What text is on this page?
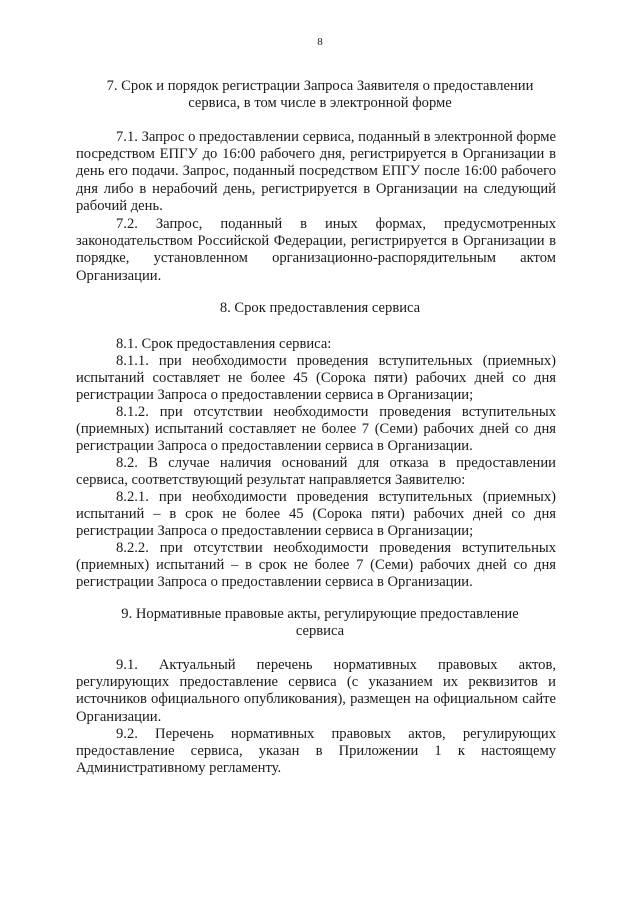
8
7. Срок и порядок регистрации Запроса Заявителя о предоставлении сервиса, в том числе в электронной форме
7.1. Запрос о предоставлении сервиса, поданный в электронной форме посредством ЕПГУ до 16:00 рабочего дня, регистрируется в Организации в день его подачи. Запрос, поданный посредством ЕПГУ после 16:00 рабочего дня либо в нерабочий день, регистрируется в Организации на следующий рабочий день.
7.2. Запрос, поданный в иных формах, предусмотренных законодательством Российской Федерации, регистрируется в Организации в порядке, установленном организационно-распорядительным актом Организации.
8. Срок предоставления сервиса
8.1. Срок предоставления сервиса:
8.1.1. при необходимости проведения вступительных (приемных) испытаний составляет не более 45 (Сорока пяти) рабочих дней со дня регистрации Запроса о предоставлении сервиса в Организации;
8.1.2. при отсутствии необходимости проведения вступительных (приемных) испытаний составляет не более 7 (Семи) рабочих дней со дня регистрации Запроса о предоставлении сервиса в Организации.
8.2. В случае наличия оснований для отказа в предоставлении сервиса, соответствующий результат направляется Заявителю:
8.2.1. при необходимости проведения вступительных (приемных) испытаний – в срок не более 45 (Сорока пяти) рабочих дней со дня регистрации Запроса о предоставлении сервиса в Организации;
8.2.2. при отсутствии необходимости проведения вступительных (приемных) испытаний – в срок не более 7 (Семи) рабочих дней со дня регистрации Запроса о предоставлении сервиса в Организации.
9. Нормативные правовые акты, регулирующие предоставление сервиса
9.1. Актуальный перечень нормативных правовых актов, регулирующих предоставление сервиса (с указанием их реквизитов и источников официального опубликования), размещен на официальном сайте Организации.
9.2. Перечень нормативных правовых актов, регулирующих предоставление сервиса, указан в Приложении 1 к настоящему Административному регламенту.
